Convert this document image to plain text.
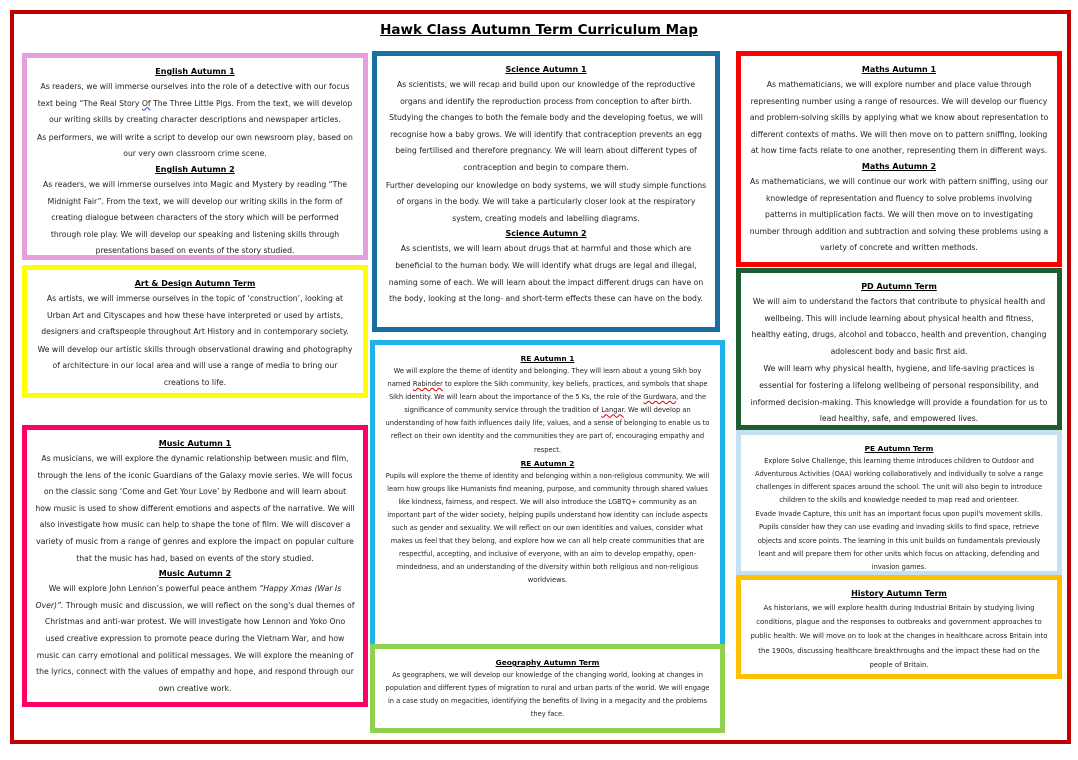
Hawk Class Autumn Term Curriculum Map
English Autumn 1

As readers, we will immerse ourselves into the role of a detective with our focus text being “The Real Story Of The Three Little Pigs. From the text, we will develop our writing skills by creating character descriptions and newspaper articles.

As performers, we will write a script to develop our own newsroom play, based on our very own classroom crime scene.

English Autumn 2

As readers, we will immerse ourselves into Magic and Mystery by reading “The Midnight Fair”. From the text, we will develop our writing skills in the form of creating dialogue between characters of the story which will be performed through role play. We will develop our speaking and listening skills through presentations based on events of the story studied.

Art & Design Autumn Term

As artists, we will immerse ourselves in the topic of ‘construction’, looking at Urban Art and Cityscapes and how these have interpreted or used by artists, designers and craftspeople throughout Art History and in contemporary society.

We will develop our artistic skills through observational drawing and photography of architecture in our local area and will use a range of media to bring our creations to life.

Music Autumn 1

As musicians, we will explore the dynamic relationship between music and film, through the lens of the iconic Guardians of the Galaxy movie series. We will focus on the classic song ‘Come and Get Your Love’ by Redbone and will learn about how music is used to show different emotions and aspects of the narrative. We will also investigate how music can help to shape the tone of film. We will discover a variety of music from a range of genres and explore the impact on popular culture that the music has had, based on events of the story studied.

Music Autumn 2

We will explore John Lennon’s powerful peace anthem “Happy Xmas (War Is Over)”. Through music and discussion, we will reflect on the song's dual themes of Christmas and anti-war protest. We will investigate how Lennon and Yoko Ono used creative expression to promote peace during the Vietnam War, and how music can carry emotional and political messages. We will explore the meaning of the lyrics, connect with the values of empathy and hope, and respond through our own creative work.

Science Autumn 1

As scientists, we will recap and build upon our knowledge of the reproductive organs and identify the reproduction process from conception to after birth. Studying the changes to both the female body and the developing foetus, we will recognise how a baby grows. We will identify that contraception prevents an egg being fertilised and therefore pregnancy. We will learn about different types of contraception and begin to compare them.

Further developing our knowledge on body systems, we will study simple functions of organs in the body. We will take a particularly closer look at the respiratory system, creating models and labelling diagrams.

Science Autumn 2

As scientists, we will learn about drugs that at harmful and those which are beneficial to the human body. We will identify what drugs are legal and illegal, naming some of each. We will learn about the impact different drugs can have on the body, looking at the long- and short-term effects these can have on the body.

RE Autumn 1

We will explore the theme of identity and belonging. They will learn about a young Sikh boy named Rabinder to explore the Sikh community, key beliefs, practices, and symbols that shape Sikh identity. We will learn about the importance of the 5 Ks, the role of the Gurdwara, and the significance of community service through the tradition of Langar. We will develop an understanding of how faith influences daily life, values, and a sense of belonging to enable us to reflect on their own identity and the communities they are part of, encouraging empathy and respect.

RE Autumn 2

Pupils will explore the theme of identity and belonging within a non-religious community. We will learn how groups like Humanists find meaning, purpose, and community through shared values like kindness, fairness, and respect. We will also introduce the LGBTQ+ community as an important part of the wider society, helping pupils understand how identity can include aspects such as gender and sexuality. We will reflect on our own identities and values, consider what makes us feel that they belong, and explore how we can all help create communities that are respectful, accepting, and inclusive of everyone, with an aim to develop empathy, open-mindedness, and an understanding of the diversity within both religious and non-religious worldviews.

Geography Autumn Term

As geographers, we will develop our knowledge of the changing world, looking at changes in population and different types of migration to rural and urban parts of the world. We will engage in a case study on megacities, identifying the benefits of living in a megacity and the problems they face.

Maths Autumn 1

As mathematicians, we will explore number and place value through representing number using a range of resources. We will develop our fluency and problem-solving skills by applying what we know about representation to different contexts of maths. We will then move on to pattern sniffing, looking at how time facts relate to one another, representing them in different ways.

Maths Autumn 2

As mathematicians, we will continue our work with pattern sniffing, using our knowledge of representation and fluency to solve problems involving patterns in multiplication facts. We will then move on to investigating number through addition and subtraction and solving these problems using a variety of concrete and written methods.

PD Autumn Term

We will aim to understand the factors that contribute to physical health and wellbeing. This will include learning about physical health and fitness, healthy eating, drugs, alcohol and tobacco, health and prevention, changing adolescent body and basic first aid.

We will learn why physical health, hygiene, and life-saving practices is essential for fostering a lifelong wellbeing of personal responsibility, and informed decision-making. This knowledge will provide a foundation for us to lead healthy, safe, and empowered lives.

PE Autumn Term

Explore Solve Challenge, this learning theme introduces children to Outdoor and Adventurous Activities (OAA) working collaboratively and individually to solve a range challenges in different spaces around the school. The unit will also begin to introduce children to the skills and knowledge needed to map read and orienteer.

Evade Invade Capture, this unit has an important focus upon pupil's movement skills. Pupils consider how they can use evading and invading skills to find space, retrieve objects and score points. The learning in this unit builds on fundamentals previously leant and will prepare them for other units which focus on attacking, defending and invasion games.

History Autumn Term

As historians, we will explore health during Industrial Britain by studying living conditions, plague and the responses to outbreaks and government approaches to public health. We will move on to look at the changes in healthcare across Britain into the 1900s, discussing healthcare breakthroughs and the impact these had on the people of Britain.
